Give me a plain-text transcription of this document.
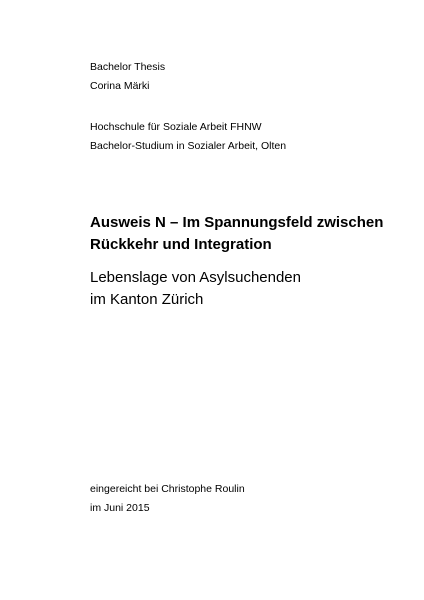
Bachelor Thesis
Corina Märki
Hochschule für Soziale Arbeit FHNW
Bachelor-Studium in Sozialer Arbeit, Olten
Ausweis N – Im Spannungsfeld zwischen
Rückkehr und Integration
Lebenslage von Asylsuchenden
im Kanton Zürich
eingereicht bei Christophe Roulin
im Juni 2015
